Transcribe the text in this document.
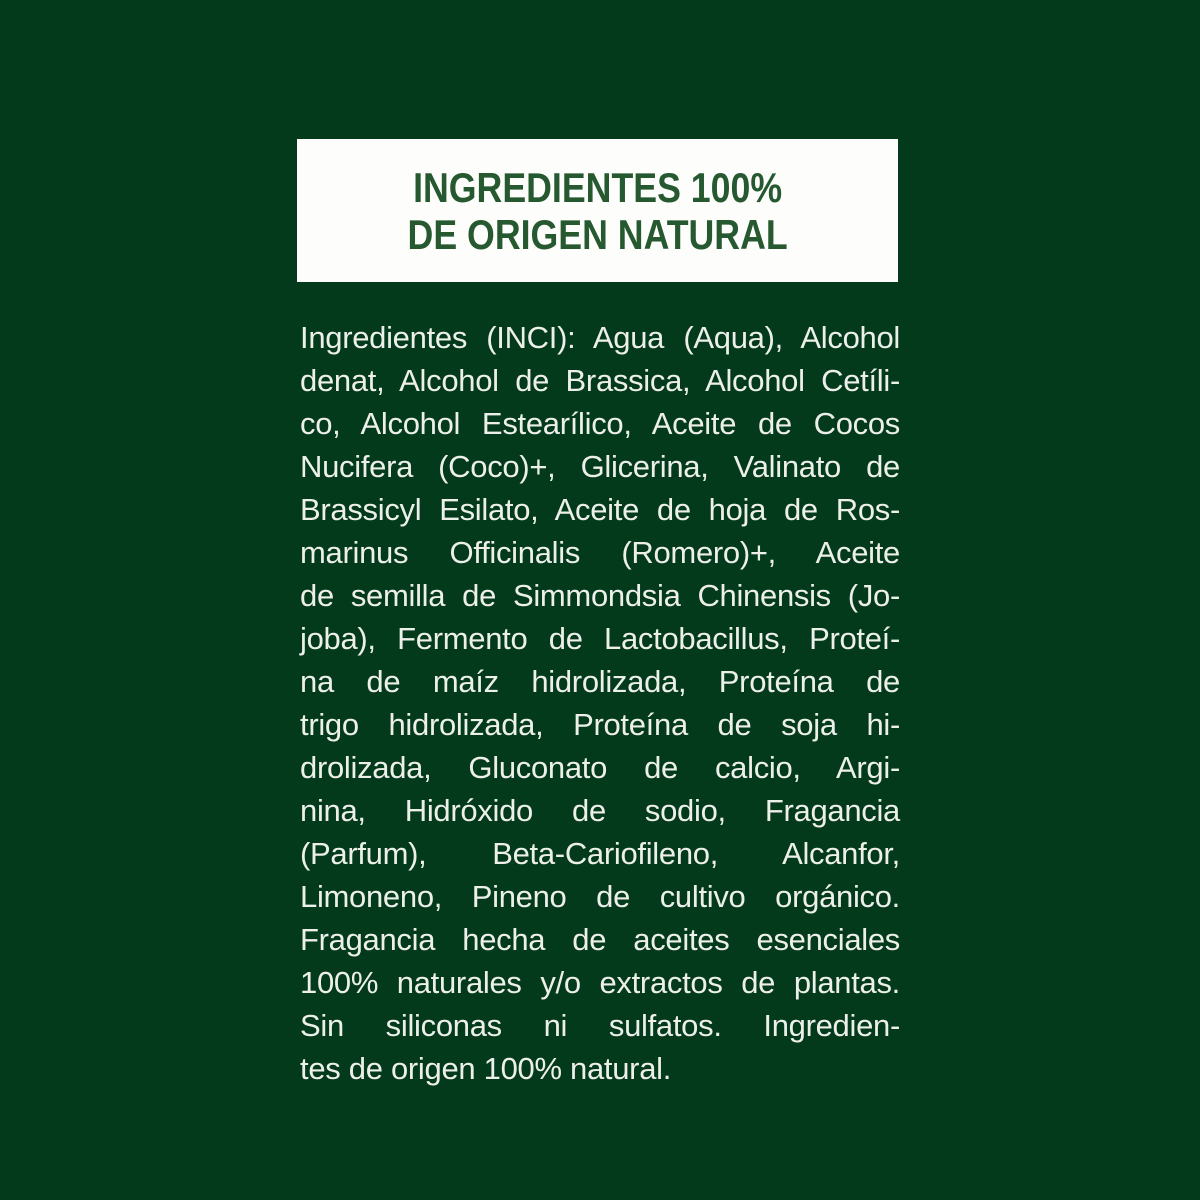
INGREDIENTES 100%
DE ORIGEN NATURAL
Ingredientes (INCI): Agua (Aqua), Alcohol
denat, Alcohol de Brassica, Alcohol Cetíli-
co, Alcohol Estearílico, Aceite de Cocos
Nucifera (Coco)+, Glicerina, Valinato de
Brassicyl Esilato, Aceite de hoja de Ros-
marinus Officinalis (Romero)+, Aceite
de semilla de Simmondsia Chinensis (Jo-
joba), Fermento de Lactobacillus, Proteí-
na de maíz hidrolizada, Proteína de
trigo hidrolizada, Proteína de soja hi-
drolizada, Gluconato de calcio, Argi-
nina, Hidróxido de sodio, Fragancia
(Parfum), Beta-Cariofileno, Alcanfor,
Limoneno, Pineno de cultivo orgánico.
Fragancia hecha de aceites esenciales
100% naturales y/o extractos de plantas.
Sin siliconas ni sulfatos. Ingredien-
tes de origen 100% natural.
